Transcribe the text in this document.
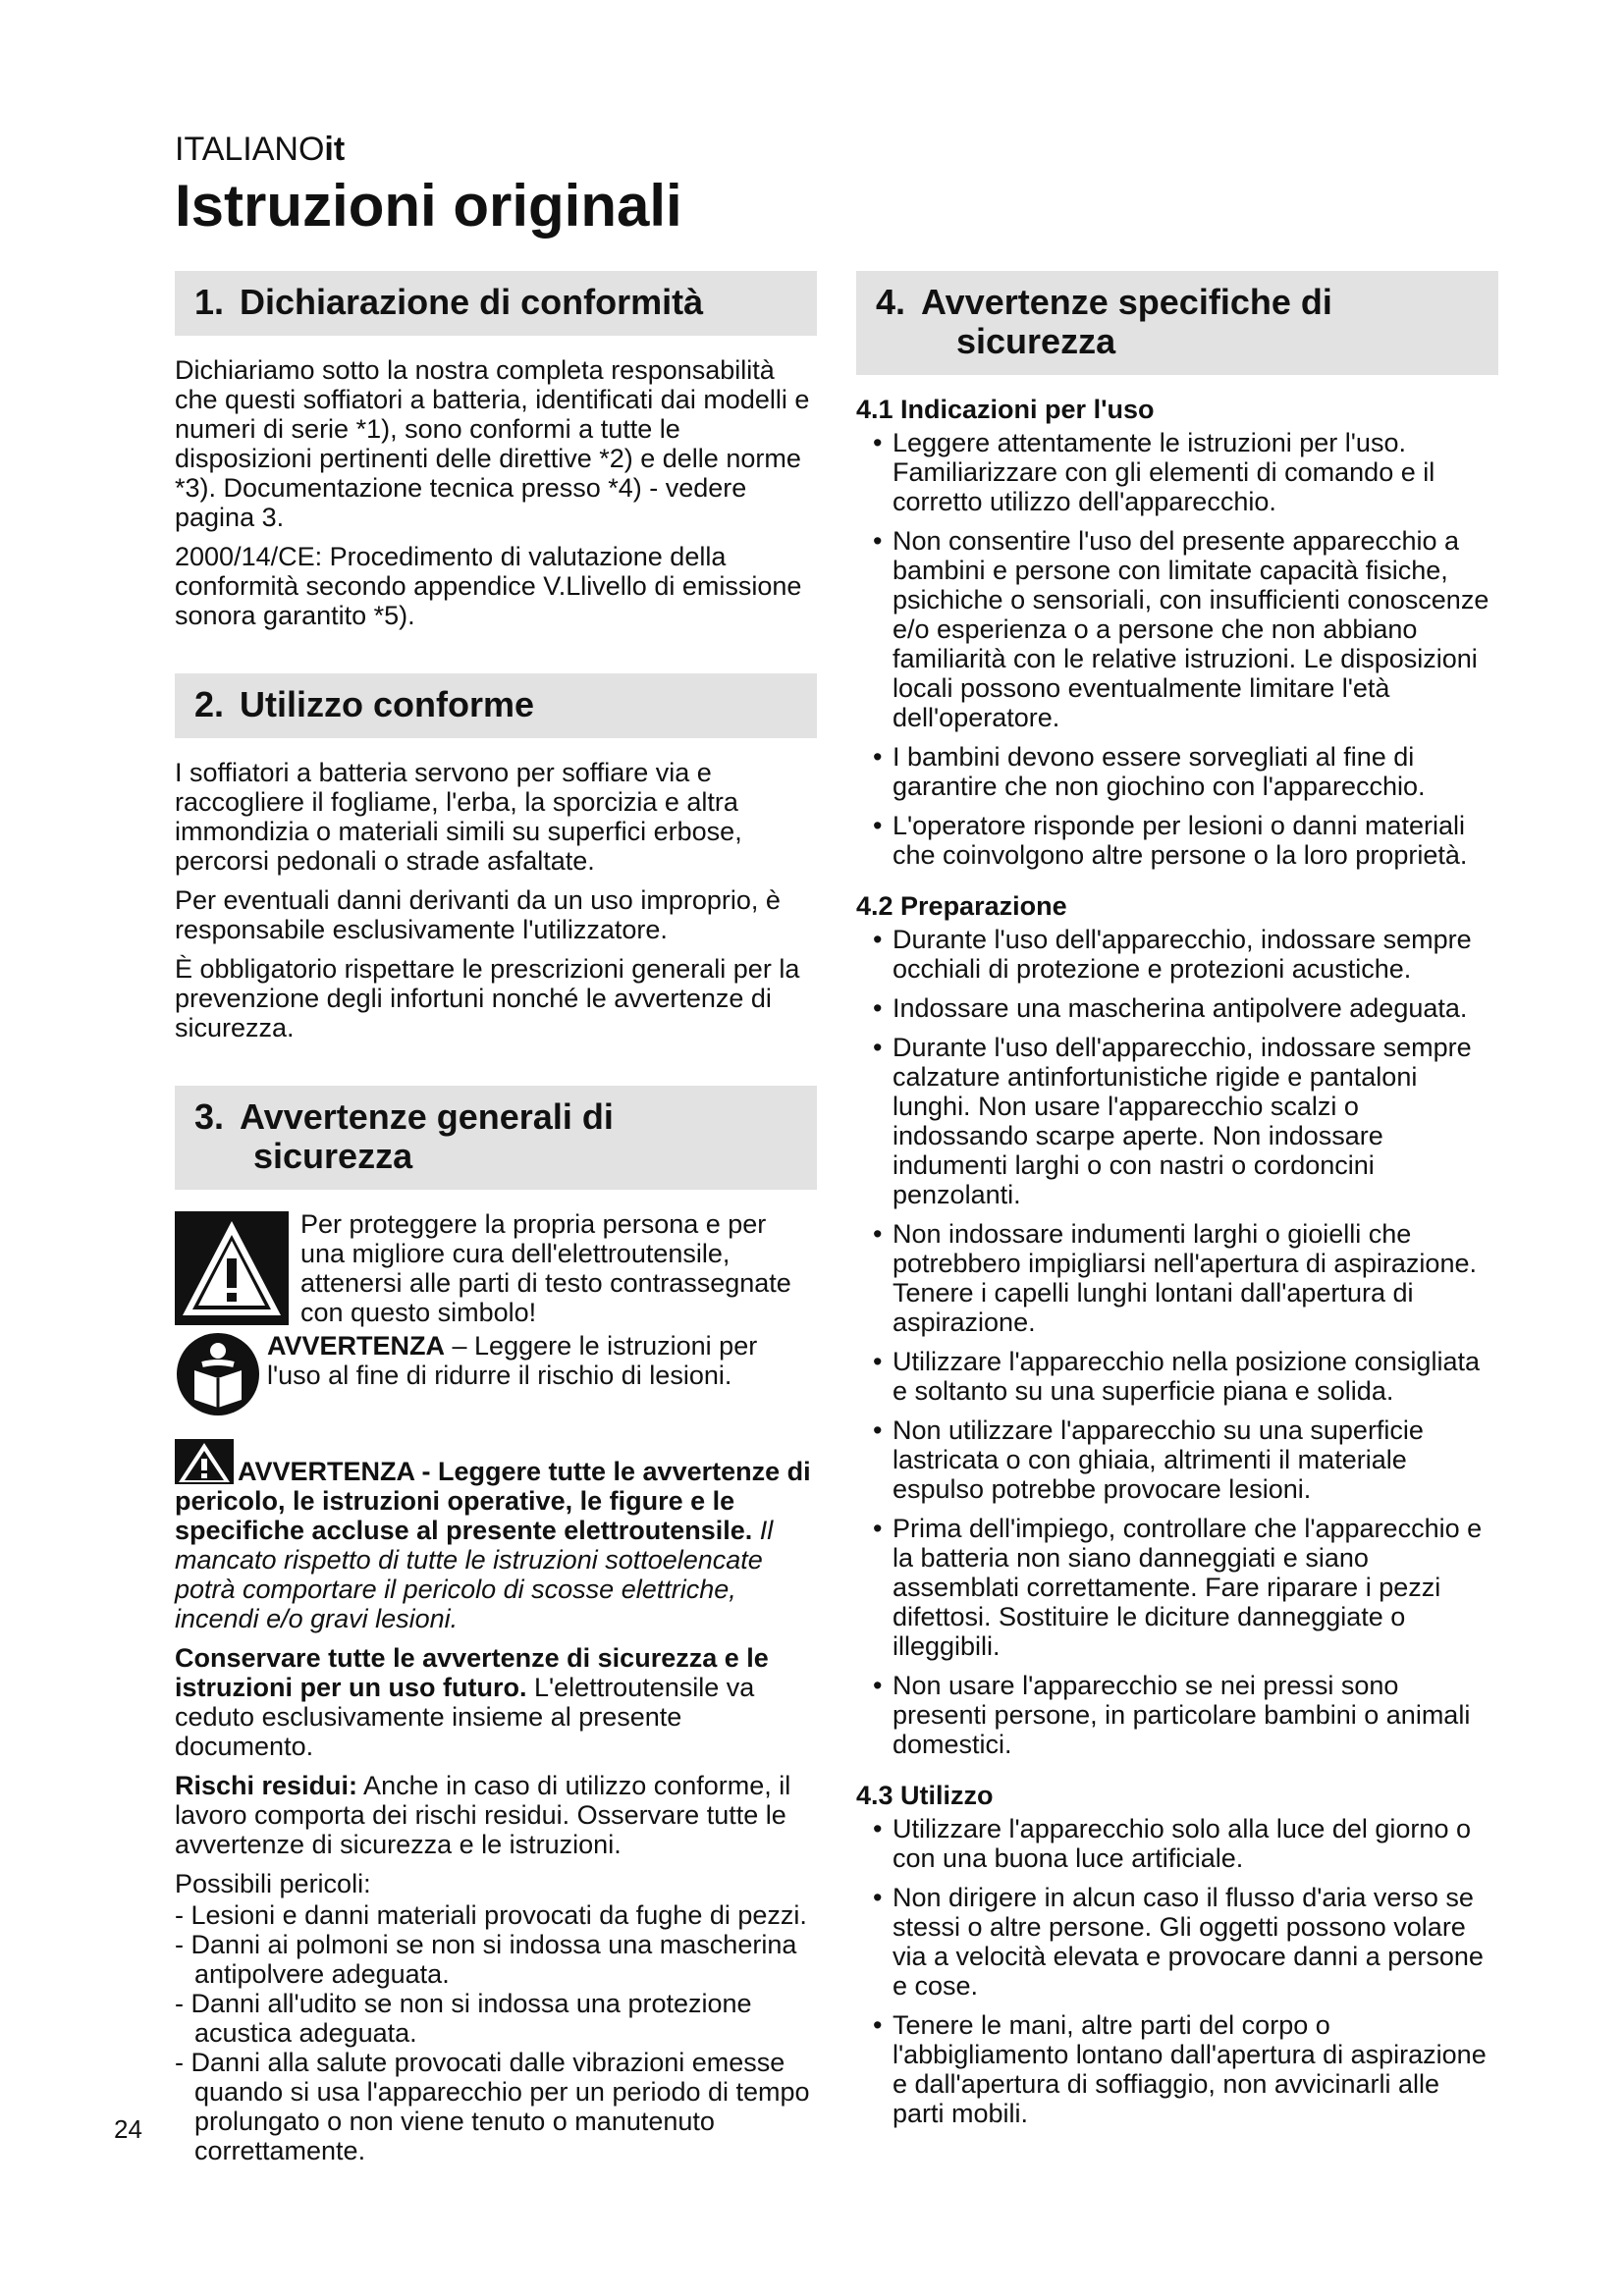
ITALIANOit
Istruzioni originali
1. Dichiarazione di conformità

Dichiariamo sotto la nostra completa responsabilità che questi soffiatori a batteria, identificati dai modelli e numeri di serie *1), sono conformi a tutte le disposizioni pertinenti delle direttive *2) e delle norme *3). Documentazione tecnica presso *4) - vedere pagina 3.

2000/14/CE: Procedimento di valutazione della conformità secondo appendice V.Llivello di emissione sonora garantito *5).

2. Utilizzo conforme

I soffiatori a batteria servono per soffiare via e raccogliere il fogliame, l'erba, la sporcizia e altra immondizia o materiali simili su superfici erbose, percorsi pedonali o strade asfaltate.

Per eventuali danni derivanti da un uso improprio, è responsabile esclusivamente l'utilizzatore.

È obbligatorio rispettare le prescrizioni generali per la prevenzione degli infortuni nonché le avvertenze di sicurezza.

3. Avvertenze generali di
sicurezza

Per proteggere la propria persona e per una migliore cura dell'elettroutensile, attenersi alle parti di testo contrassegnate con questo simbolo!

AVVERTENZA – Leggere le istruzioni per l'uso al fine di ridurre il rischio di lesioni.

AVVERTENZA - Leggere tutte le avvertenze di pericolo, le istruzioni operative, le figure e le specifiche accluse al presente elettroutensile. Il mancato rispetto di tutte le istruzioni sottoelencate potrà comportare il pericolo di scosse elettriche, incendi e/o gravi lesioni.

Conservare tutte le avvertenze di sicurezza e le istruzioni per un uso futuro. L'elettroutensile va ceduto esclusivamente insieme al presente documento.

Rischi residui: Anche in caso di utilizzo conforme, il lavoro comporta dei rischi residui. Osservare tutte le avvertenze di sicurezza e le istruzioni.

Possibili pericoli:

- Lesioni e danni materiali provocati da fughe di pezzi.
- Danni ai polmoni se non si indossa una mascherina antipolvere adeguata.
- Danni all'udito se non si indossa una protezione acustica adeguata.
- Danni alla salute provocati dalle vibrazioni emesse quando si usa l'apparecchio per un periodo di tempo prolungato o non viene tenuto o manutenuto correttamente.
4. Avvertenze specifiche di
sicurezza
4.1 Indicazioni per l'uso
• Leggere attentamente le istruzioni per l'uso. Familiarizzare con gli elementi di comando e il corretto utilizzo dell'apparecchio.
• Non consentire l'uso del presente apparecchio a bambini e persone con limitate capacità fisiche, psichiche o sensoriali, con insufficienti conoscenze e/o esperienza o a persone che non abbiano familiarità con le relative istruzioni. Le disposizioni locali possono eventualmente limitare l'età dell'operatore.
• I bambini devono essere sorvegliati al fine di garantire che non giochino con l'apparecchio.
• L'operatore risponde per lesioni o danni materiali che coinvolgono altre persone o la loro proprietà.
4.2 Preparazione
• Durante l'uso dell'apparecchio, indossare sempre occhiali di protezione e protezioni acustiche.
• Indossare una mascherina antipolvere adeguata.
• Durante l'uso dell'apparecchio, indossare sempre calzature antinfortunistiche rigide e pantaloni lunghi. Non usare l'apparecchio scalzi o indossando scarpe aperte. Non indossare indumenti larghi o con nastri o cordoncini penzolanti.
• Non indossare indumenti larghi o gioielli che potrebbero impigliarsi nell'apertura di aspirazione. Tenere i capelli lunghi lontani dall'apertura di aspirazione.
• Utilizzare l'apparecchio nella posizione consigliata e soltanto su una superficie piana e solida.
• Non utilizzare l'apparecchio su una superficie lastricata o con ghiaia, altrimenti il materiale espulso potrebbe provocare lesioni.
• Prima dell'impiego, controllare che l'apparecchio e la batteria non siano danneggiati e siano assemblati correttamente. Fare riparare i pezzi difettosi. Sostituire le diciture danneggiate o illeggibili.
• Non usare l'apparecchio se nei pressi sono presenti persone, in particolare bambini o animali domestici.
4.3 Utilizzo
• Utilizzare l'apparecchio solo alla luce del giorno o con una buona luce artificiale.
• Non dirigere in alcun caso il flusso d'aria verso se stessi o altre persone. Gli oggetti possono volare via a velocità elevata e provocare danni a persone e cose.
• Tenere le mani, altre parti del corpo o l'abbigliamento lontano dall'apertura di aspirazione e dall'apertura di soffiaggio, non avvicinarli alle parti mobili.
24
